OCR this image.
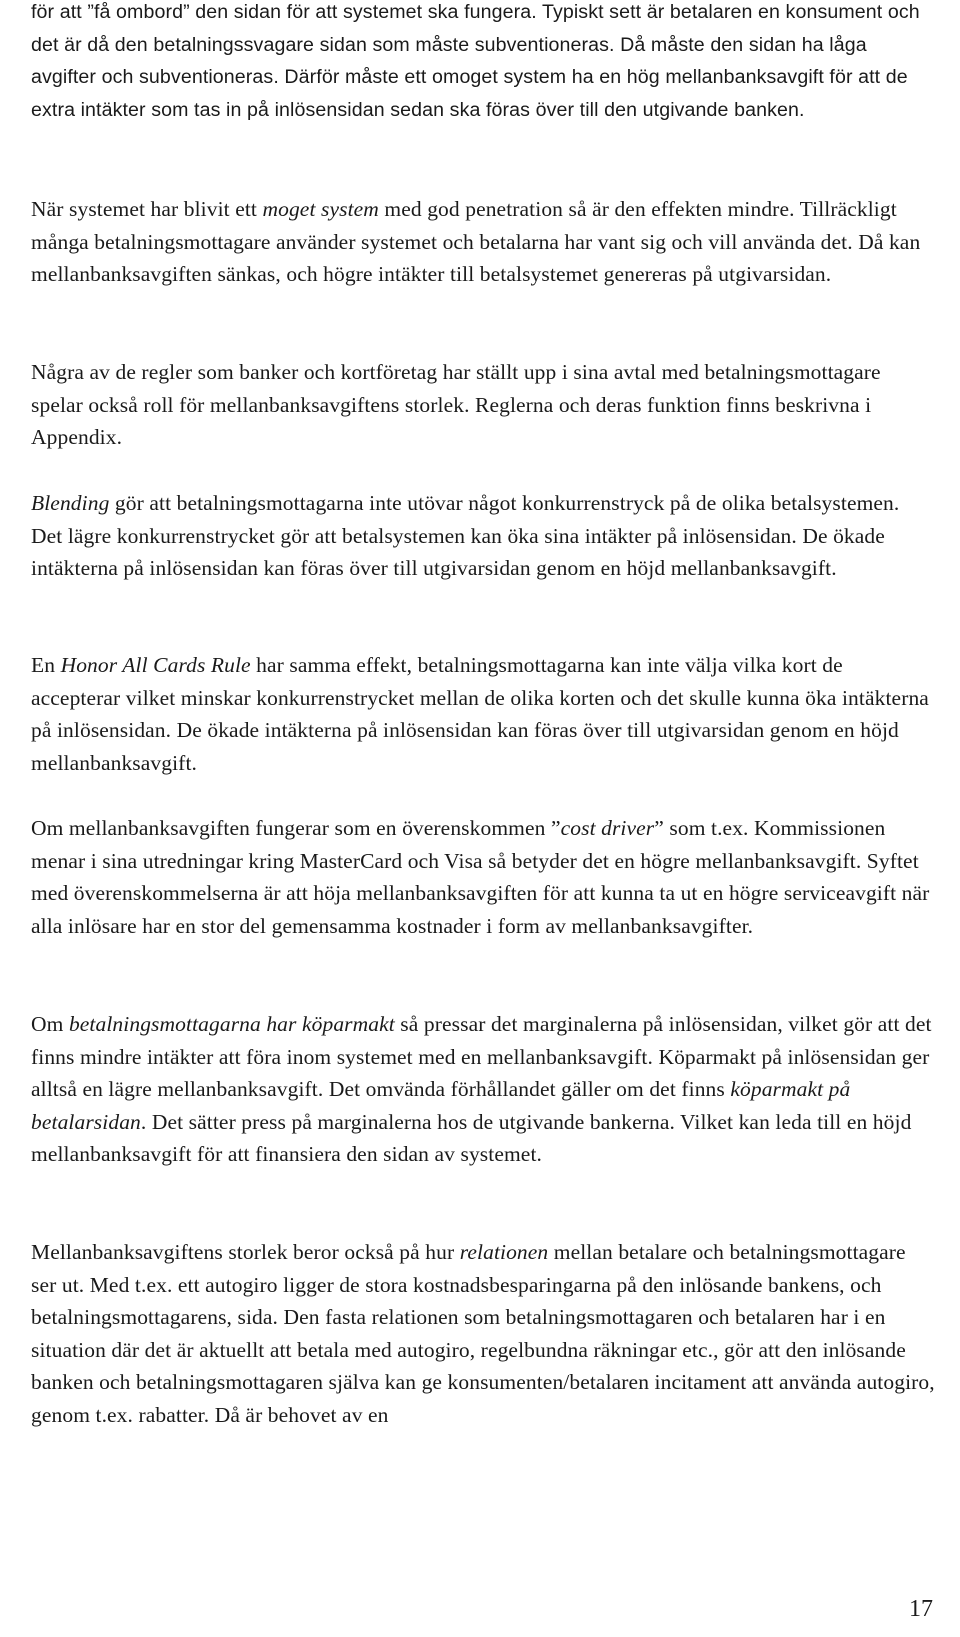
för att ”få ombord” den sidan för att systemet ska fungera. Typiskt sett är betalaren en konsument och det är då den betalningssvagare sidan som måste subventioneras. Då måste den sidan ha låga avgifter och subventioneras. Därför måste ett omoget system ha en hög mellanbanksavgift för att de extra intäkter som tas in på inlösensidan sedan ska föras över till den utgivande banken.

När systemet har blivit ett moget system med god penetration så är den effekten mindre. Tillräckligt många betalningsmottagare använder systemet och betalarna har vant sig och vill använda det. Då kan mellanbanksavgiften sänkas, och högre intäkter till betalsystemet genereras på utgivarsidan.

Några av de regler som banker och kortföretag har ställt upp i sina avtal med betalningsmottagare spelar också roll för mellanbanksavgiftens storlek. Reglerna och deras funktion finns beskrivna i Appendix.

Blending gör att betalningsmottagarna inte utövar något konkurrenstryck på de olika betalsystemen. Det lägre konkurrenstrycket gör att betalsystemen kan öka sina intäkter på inlösensidan. De ökade intäkterna på inlösensidan kan föras över till utgivarsidan genom en höjd mellanbanksavgift.

En Honor All Cards Rule har samma effekt, betalningsmottagarna kan inte välja vilka kort de accepterar vilket minskar konkurrenstrycket mellan de olika korten och det skulle kunna öka intäkterna på inlösensidan. De ökade intäkterna på inlösensidan kan föras över till utgivarsidan genom en höjd mellanbanksavgift.

Om mellanbanksavgiften fungerar som en överenskommen ”cost driver” som t.ex. Kommissionen menar i sina utredningar kring MasterCard och Visa så betyder det en högre mellanbanksavgift. Syftet med överenskommelserna är att höja mellanbanksavgiften för att kunna ta ut en högre serviceavgift när alla inlösare har en stor del gemensamma kostnader i form av mellanbanksavgifter.

Om betalningsmottagarna har köparmakt så pressar det marginalerna på inlösensidan, vilket gör att det finns mindre intäkter att föra inom systemet med en mellanbanksavgift. Köparmakt på inlösensidan ger alltså en lägre mellanbanksavgift. Det omvända förhållandet gäller om det finns köparmakt på betalarsidan. Det sätter press på marginalerna hos de utgivande bankerna. Vilket kan leda till en höjd mellanbanksavgift för att finansiera den sidan av systemet.

Mellanbanksavgiftens storlek beror också på hur relationen mellan betalare och betalningsmottagare ser ut. Med t.ex. ett autogiro ligger de stora kostnadsbesparingarna på den inlösande bankens, och betalningsmottagarens, sida. Den fasta relationen som betalningsmottagaren och betalaren har i en situation där det är aktuellt att betala med autogiro, regelbundna räkningar etc., gör att den inlösande banken och betalningsmottagaren själva kan ge konsumenten/betalaren incitament att använda autogiro, genom t.ex. rabatter. Då är behovet av en

17
